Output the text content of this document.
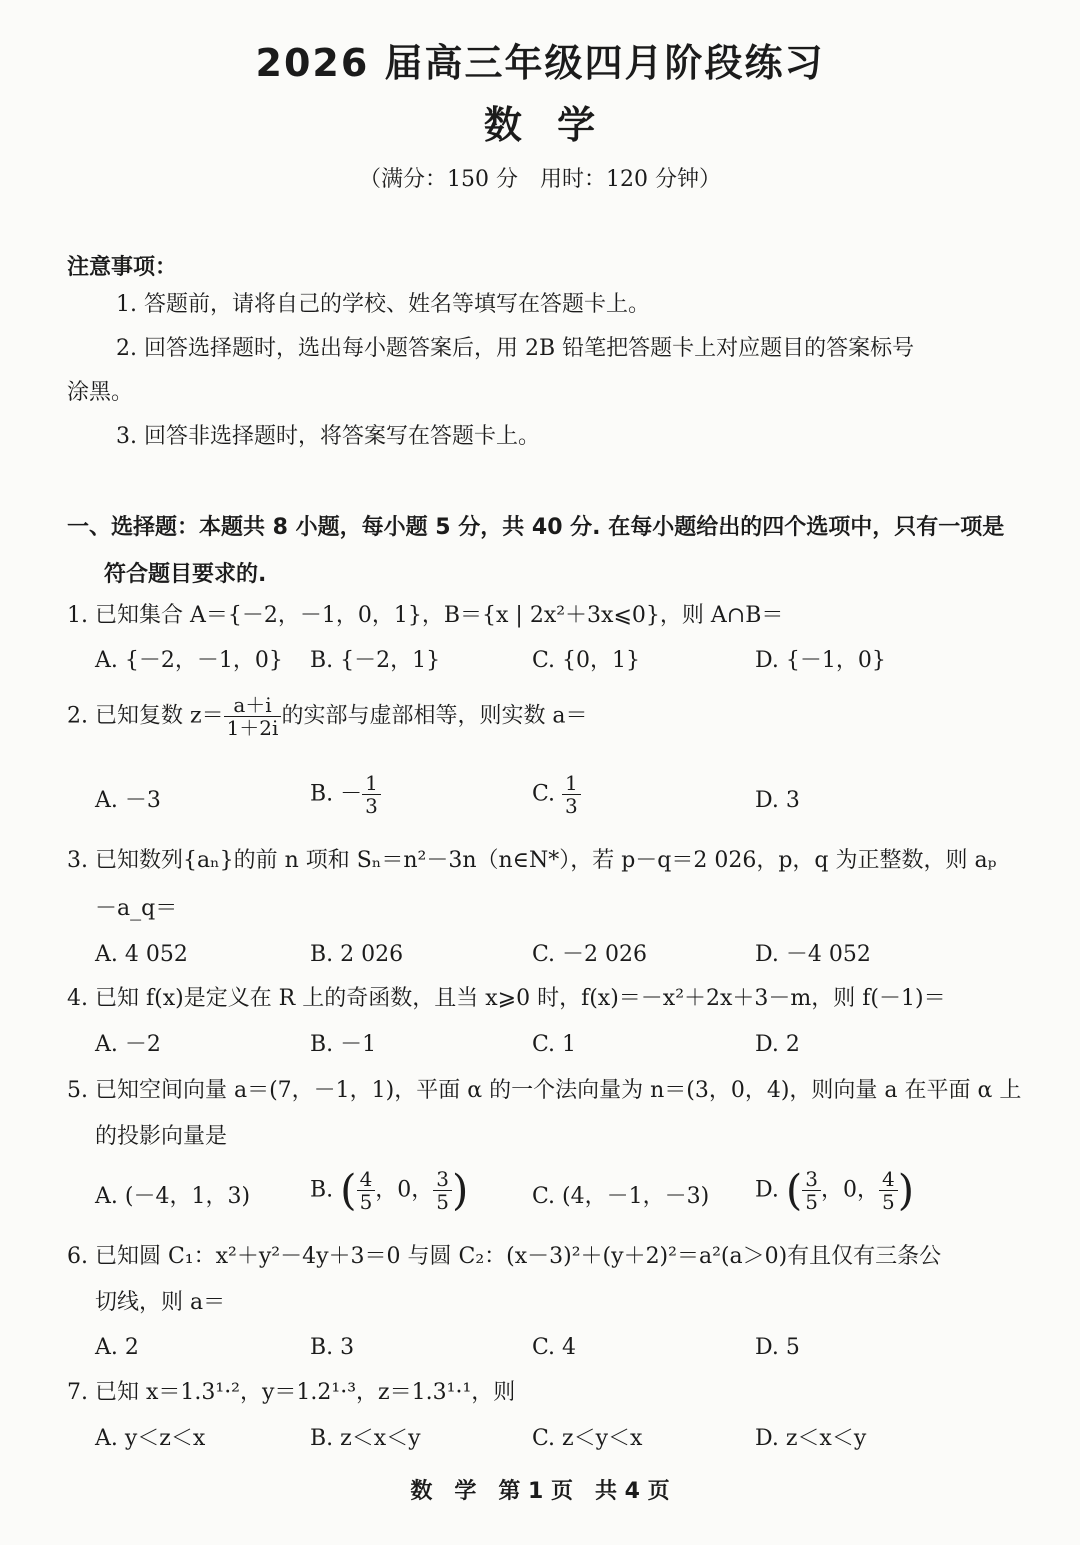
2026 届高三年级四月阶段练习
数 学
（满分：150 分　用时：120 分钟）
注意事项：
1. 答题前，请将自己的学校、姓名等填写在答题卡上。
2. 回答选择题时，选出每小题答案后，用 2B 铅笔把答题卡上对应题目的答案标号
涂黑。
3. 回答非选择题时，将答案写在答题卡上。
一、选择题：本题共 8 小题，每小题 5 分，共 40 分. 在每小题给出的四个选项中，只有一项是
符合题目要求的.
1. 已知集合 A＝{－2，－1，0，1}，B＝{x | 2x²＋3x⩽0}，则 A∩B＝
A. {－2，－1，0} B. {－2，1}	C. {0，1}	D. {－1，0}
2. 已知复数 $z= \frac{a+i}{1+2i}$ 的实部与虚部相等，则实数 a＝
A. －3	B. － $\frac{1}{3}$	C. $\frac{1}{3}$	D. 3
3. 已知数列{aₙ}的前 n 项和 Sₙ＝n²－3n（n∈N*），若 p－q＝2 026，p，q 为正整数，则 aₚ
－a_q＝
A. 4 052	B. 2 026	C. －2 026	D. －4 052
4. 已知 f(x)是定义在 R 上的奇函数，且当 x⩾0 时，f(x)＝－x²＋2x＋3－m，则 f(－1)＝
A. －2	B. －1	C. 1	D. 2
5. 已知空间向量 a＝(7，－1，1)，平面 α 的一个法向量为 n＝(3，0，4)，则向量 a 在平面 α 上
的投影向量是
A. (－4，1，3)	B. ( $\frac{4}{5}$ ，0， $\frac{3}{5}$ )	C. (4，－1，－3) D. ( $\frac{3}{5}$ ，0， $\frac{4}{5}$ )
6. 已知圆 C₁：x²＋y²－4y＋3＝0 与圆 C₂：(x－3)²＋(y＋2)²＝a²(a＞0)有且仅有三条公
切线，则 a＝
A. 2	B. 3	C. 4	D. 5
7. 已知 x＝1.3¹·²，y＝1.2¹·³，z＝1.3¹·¹，则
A. y＜z＜x	B. z＜x＜y	C. z＜y＜x	D. z＜x＜y
数　学　第 1 页　共 4 页
